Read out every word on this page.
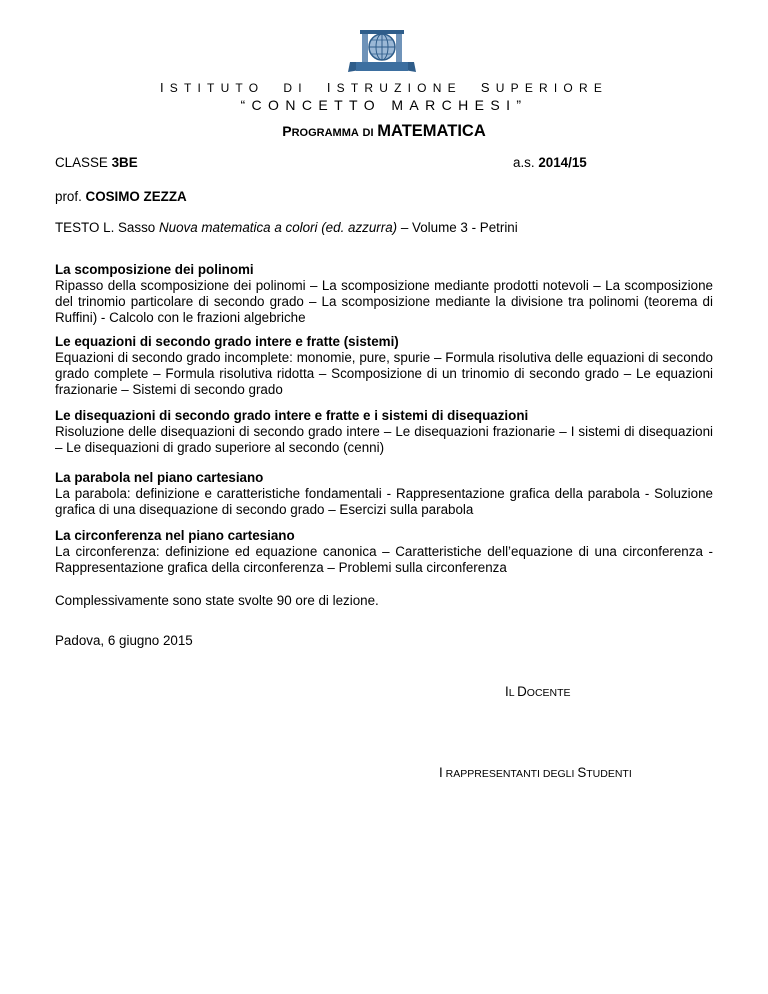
ISTITUTO DI ISTRUZIONE SUPERIORE
“CONCETTO MARCHESI”
PROGRAMMA DI MATEMATICA
CLASSE 3BE	a.s. 2014/15
prof. COSIMO ZEZZA
TESTO L. Sasso Nuova matematica a colori (ed. azzurra) – Volume 3 - Petrini
La scomposizione dei polinomi

Ripasso della scomposizione dei polinomi – La scomposizione mediante prodotti notevoli – La scomposizione del trinomio particolare di secondo grado – La scomposizione mediante la divisione tra polinomi (teorema di Ruffini) - Calcolo con le frazioni algebriche

Le equazioni di secondo grado intere e fratte (sistemi)

Equazioni di secondo grado incomplete: monomie, pure, spurie – Formula risolutiva delle equazioni di secondo grado complete – Formula risolutiva ridotta – Scomposizione di un trinomio di secondo grado – Le equazioni frazionarie – Sistemi di secondo grado

Le disequazioni di secondo grado intere e fratte e i sistemi di disequazioni

Risoluzione delle disequazioni di secondo grado intere – Le disequazioni frazionarie – I sistemi di disequazioni – Le disequazioni di grado superiore al secondo (cenni)

La parabola nel piano cartesiano

La parabola: definizione e caratteristiche fondamentali - Rappresentazione grafica della parabola - Soluzione grafica di una disequazione di secondo grado – Esercizi sulla parabola

La circonferenza nel piano cartesiano

La circonferenza: definizione ed equazione canonica – Caratteristiche dell’equazione di una circonferenza - Rappresentazione grafica della circonferenza – Problemi sulla circonferenza

Complessivamente sono state svolte 90 ore di lezione.
Padova, 6 giugno 2015
IL DOCENTE
I RAPPRESENTANTI DEGLI STUDENTI
